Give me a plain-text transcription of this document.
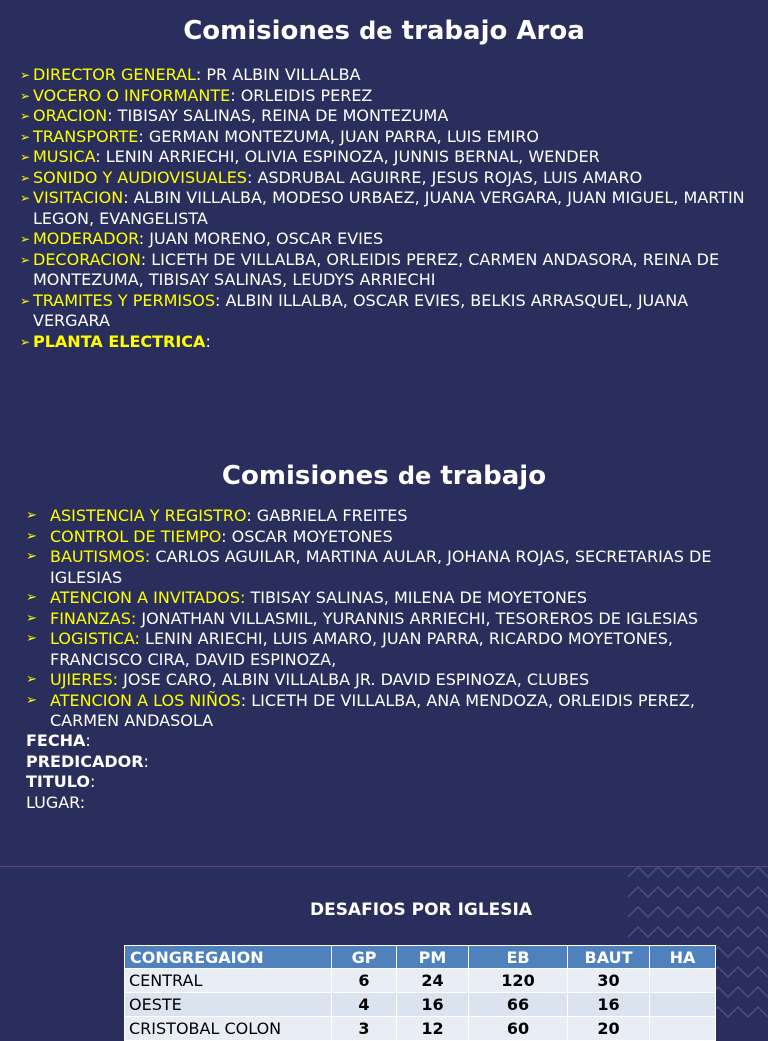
Comisiones de trabajo Aroa
➢ DIRECTOR GENERAL: PR ALBIN VILLALBA
➢ VOCERO O INFORMANTE: ORLEIDIS PEREZ
➢ ORACION: TIBISAY SALINAS, REINA DE MONTEZUMA
➢ TRANSPORTE: GERMAN MONTEZUMA, JUAN PARRA, LUIS EMIRO
➢ MUSICA: LENIN ARRIECHI, OLIVIA ESPINOZA, JUNNIS BERNAL, WENDER
➢ SONIDO Y AUDIOVISUALES: ASDRUBAL AGUIRRE, JESUS ROJAS, LUIS AMARO
➢ VISITACION: ALBIN VILLALBA, MODESO URBAEZ, JUANA VERGARA, JUAN MIGUEL, MARTIN LEGON, EVANGELISTA
➢ MODERADOR: JUAN MORENO, OSCAR EVIES
➢ DECORACION: LICETH DE VILLALBA, ORLEIDIS PEREZ, CARMEN ANDASORA, REINA DE MONTEZUMA, TIBISAY SALINAS, LEUDYS ARRIECHI
➢ TRAMITES Y PERMISOS: ALBIN ILLALBA, OSCAR EVIES, BELKIS ARRASQUEL, JUANA VERGARA
➢ PLANTA ELECTRICA:
Comisiones de trabajo
➢ ASISTENCIA Y REGISTRO: GABRIELA FREITES
➢ CONTROL DE TIEMPO: OSCAR MOYETONES
➢ BAUTISMOS: CARLOS AGUILAR, MARTINA AULAR, JOHANA ROJAS, SECRETARIAS DE IGLESIAS
➢ ATENCION A INVITADOS: TIBISAY SALINAS, MILENA DE MOYETONES
➢ FINANZAS: JONATHAN VILLASMIL, YURANNIS ARRIECHI, TESOREROS DE IGLESIAS
➢ LOGISTICA: LENIN ARIECHI, LUIS AMARO, JUAN PARRA, RICARDO MOYETONES, FRANCISCO CIRA, DAVID ESPINOZA,
➢ UJIERES: JOSE CARO, ALBIN VILLALBA JR. DAVID ESPINOZA, CLUBES
➢ ATENCION A LOS NIÑOS: LICETH DE VILLALBA, ANA MENDOZA, ORLEIDIS PEREZ, CARMEN ANDASOLA
FECHA:
PREDICADOR:
TITULO:
LUGAR:
DESAFIOS POR IGLESIA
CONGREGAION	GP	PM	EB	BAUT	HA
CENTRAL	6	24	120	30	
OESTE	4	16	66	16	
CRISTOBAL COLON	3	12	60	20	
